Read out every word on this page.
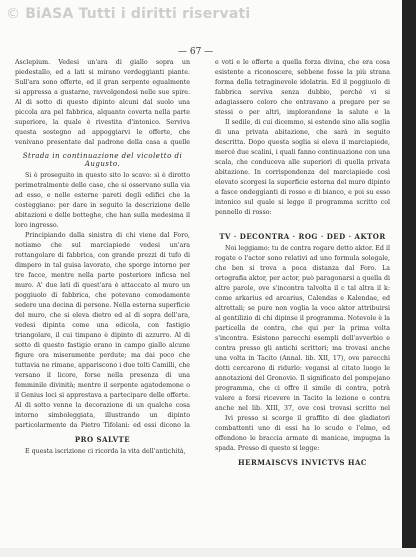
© BiASA Tutti i diritti riservati
— 67 —

Asclepium. Vedesi un'ara di giallo sopra un piedestallo, ed a lati si mirano verdeggianti piante. Sull'ara sono offerte, ed il gran serpente egualmente si appressa a gustarne, ravvolgendosi nelle sue spire. Al di sotto di questo dipinto alcuni dal suolo una piccola ara pel fabbrica, alquanto coverta nella parte superiore, la quale è rivestita d'intonico. Serviva questa sostegno ad appoggiarvi le offerte, che venivano presentate dal padrone della casa a quelle

Strada in continuazione del vicoletto di Augusto.

Si è proseguito in questo sito lo scavo: si è dirotto perimetralmente delle case, che si osservano sulla via ad esso, e nelle esterne pareti degli edifici che la costeggiano: per dare in seguito la descrizione delle abitazioni e delle botteghe, che han sulla medesima il loro ingresso.

Principiando dalla sinistra di chi viene dal Foro, notiamo che sul marciapiede vedesi un'ara rettangolare di fabbrica, con grande prezzi di tufo di dimpero in tal guisa lavorato, che sporge intorno per tre facce, mentre nella parte posteriore inficsa nel muro. A' due lati di quest'ara è attaccato al muro un poggiuolo di fabbrica, che potevano comodamente sedere una decina di persone. Nella esterna superficie del muro, che si eleva dietro ed al di sopra dell'ara, vedesi dipinta come una edicola, con fastigio triangolare, il cui timpano è dipinto di azzurro. Al di sotto di questo fastigio erano in campo giallo alcune figure ora miseramente perdute; ma dai poco che tuttavia ne rimane, appariscono i due tolti Camilli, che versano il licore, forse nella presenza di una femminile divinità; mentre il serpente agatodemone o il Genius loci si apprestava a partecipare delle offerte. Al di sotto venne la decorazione di un qualche cosa intorno simboleggiata, illustrando un dipinto particolarmente da Pietro Tifolani: ed essi dicono la

PRO SALVTE

E questa iscrizione ci ricorda la vita dell'antichità,

e voti e le offerte a quella forza divina, che era cosa esistente a riconoscere, sebbene fosse la più strana forma della tetraginevole idolatria. Ed il poggiuolo di fabbrica serviva senza dubbio, perché vi si adagiassero coloro che entravano a pregare per se stessi o per altri, implorandone la salute e la

Il sedile, di cui dicemmo, si estende sino alla soglia di una privata abitazione, che sarà in seguito descritta. Dopo questa soglia si eleva il marciapiede, mercé due scalini, i quali fanno continuazione con una scala, che conduceva alle superiori di quella privata abitazione. In corrispondenza del marciapiede così elevato scorgesi la superficie esterna del muro dipinto a fasce ondeggianti di rosso e di bianco, e poi su esso intonico sul quale si legge il programma scritto col pennello di rosso:

TV · DECONTRA · ROG · DED · AKTOR

Noi leggiamo: tu de contra rogare detto aktor. Ed il rogate o l'actor sono relativi ad uno formula solegale, che ben si trova a poca distanza dal Foro. La ortografia aktor, per actor, può paragonarsi a quella di altre parole, ove s'incontra talvolta il c tal altra il k: come arkarius ed arcarius, Calendas e Kalendae, ed altrettali; se pure non voglia la voce aktor attribuirsi al gentilizio di chi dipinse il programma. Notevole è la particella de contra, che qui per la prima volta s'incontra. Esistono parecchi esempli dell'avverbio e contra presso gli antichi scrittori; ma trovasi anche una volta in Tacito (Annal. lib. XII, 17), ove parecchi dotti cercarono di ridurlo: vegansi al citato luogo le annotazioni del Gronovio. Il significato del pompejano programma, che ci offre il simile di contra, potrà valere a forsi ricevere in Tacito la lezione e contra anche nel lib. XIII, 37, ove così trovasi scritto nel

Ivi presso si scorge il graffito di dee gladiatori combattenti uno di essi ha lo scudo e l'elmo, ed offendono le braccia armate di manicae, impugna la spada. Presso di questo si legge:

HERMAISCVS INVICTVS HAC
